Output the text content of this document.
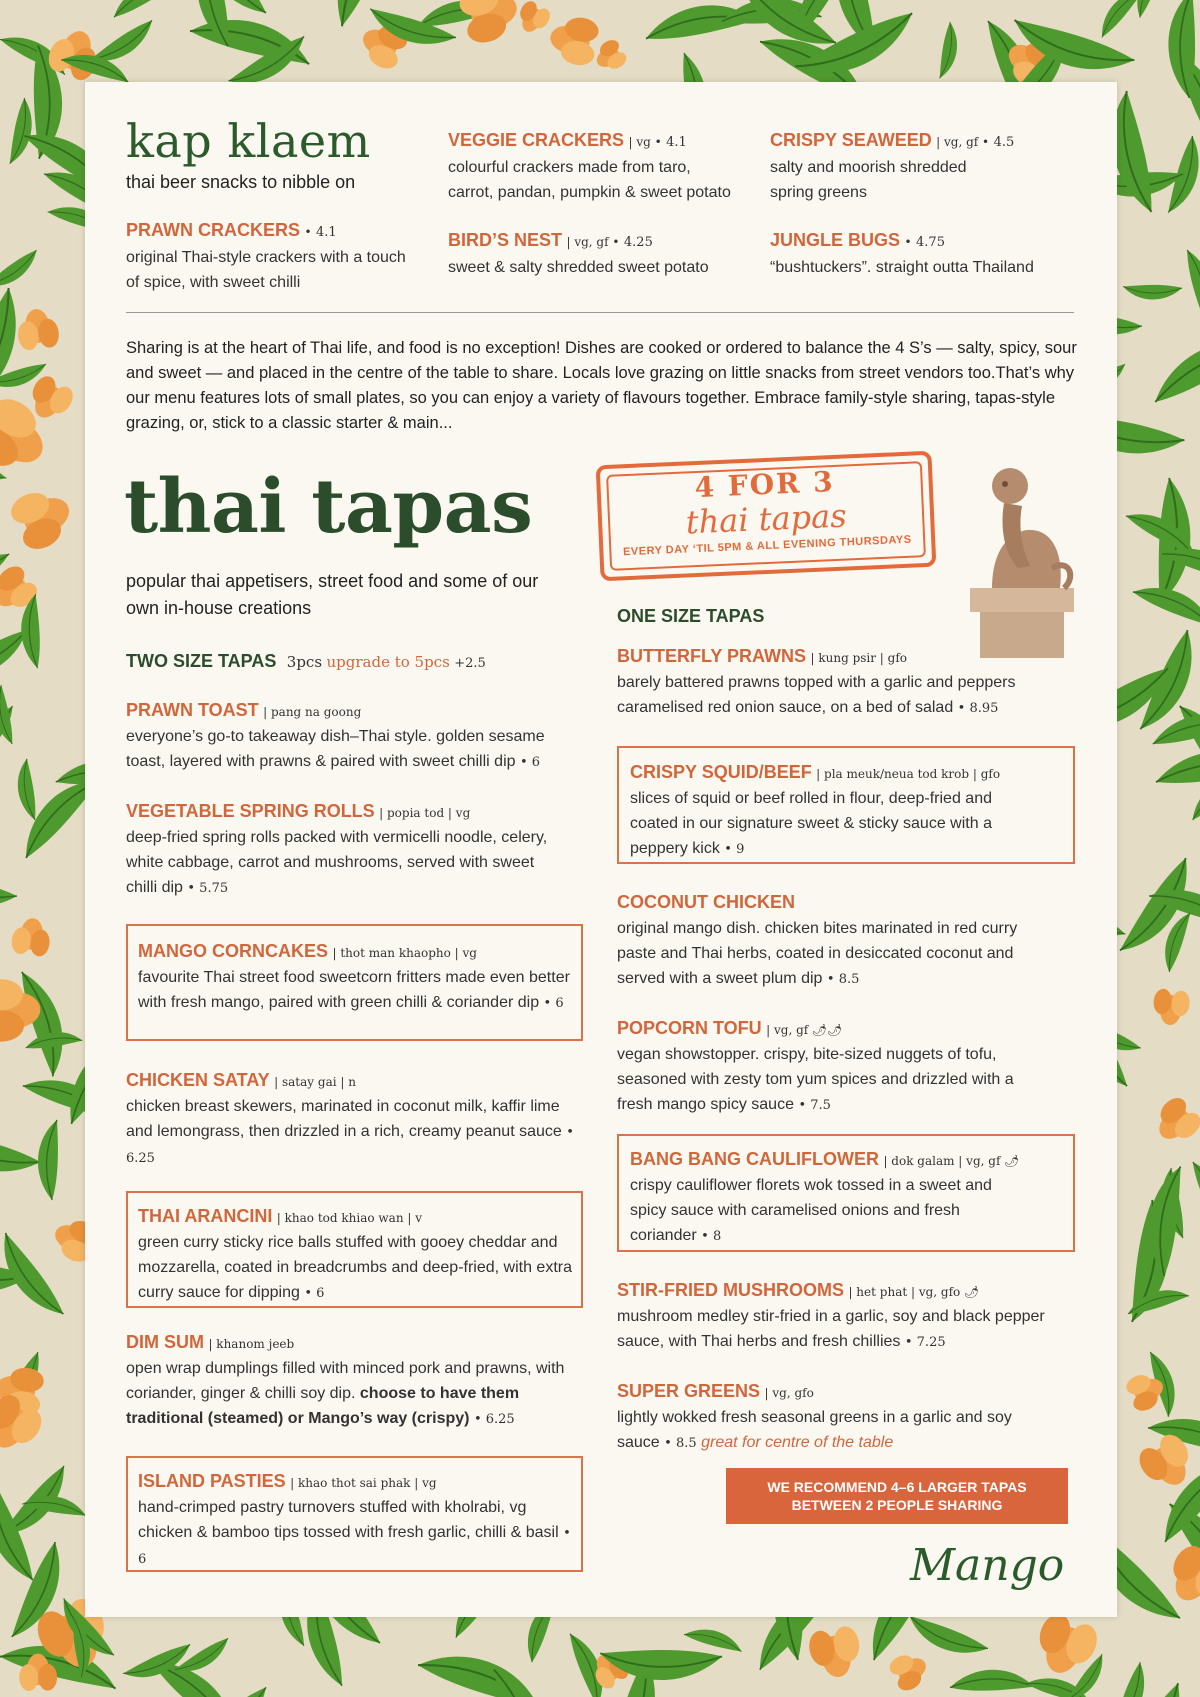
kap klaem
thai beer snacks to nibble on
VEGGIE CRACKERS | vg • 4.1
colourful crackers made from taro,
carrot, pandan, pumpkin & sweet potato
CRISPY SEAWEED | vg, gf • 4.5
salty and moorish shredded
spring greens
PRAWN CRACKERS • 4.1
original Thai-style crackers with a touch
of spice, with sweet chilli
BIRD’S NEST | vg, gf • 4.25
sweet & salty shredded sweet potato
JUNGLE BUGS • 4.75
“bushtuckers”. straight outta Thailand
Sharing is at the heart of Thai life, and food is no exception! Dishes are cooked or ordered to balance the 4 S’s — salty, spicy, sour and sweet — and placed in the centre of the table to share. Locals love grazing on little snacks from street vendors too.That’s why our menu features lots of small plates, so you can enjoy a variety of flavours together. Embrace family-style sharing, tapas-style grazing, or, stick to a classic starter & main...
thai tapas
popular thai appetisers, street food and some of our own in-house creations
4 FOR 3
thai tapas
EVERY DAY ‘TIL 5PM & ALL EVENING THURSDAYS
TWO SIZE TAPAS 3pcs upgrade to 5pcs +2.5
ONE SIZE TAPAS
PRAWN TOAST | pang na goong
everyone’s go-to takeaway dish–Thai style. golden sesame toast, layered with prawns & paired with sweet chilli dip • 6
VEGETABLE SPRING ROLLS | popia tod | vg
deep-fried spring rolls packed with vermicelli noodle, celery, white cabbage, carrot and mushrooms, served with sweet chilli dip • 5.75
MANGO CORNCAKES | thot man khaopho | vg
favourite Thai street food sweetcorn fritters made even better with fresh mango, paired with green chilli & coriander dip • 6
CHICKEN SATAY | satay gai | n
chicken breast skewers, marinated in coconut milk, kaffir lime and lemongrass, then drizzled in a rich, creamy peanut sauce • 6.25
THAI ARANCINI | khao tod khiao wan | v
green curry sticky rice balls stuffed with gooey cheddar and mozzarella, coated in breadcrumbs and deep-fried, with extra curry sauce for dipping • 6
DIM SUM | khanom jeeb
open wrap dumplings filled with minced pork and prawns, with coriander, ginger & chilli soy dip. choose to have them traditional (steamed) or Mango’s way (crispy) • 6.25
ISLAND PASTIES | khao thot sai phak | vg
hand-crimped pastry turnovers stuffed with kholrabi, vg chicken & bamboo tips tossed with fresh garlic, chilli & basil • 6
BUTTERFLY PRAWNS | kung psir | gfo
barely battered prawns topped with a garlic and peppers caramelised red onion sauce, on a bed of salad • 8.95
CRISPY SQUID/BEEF | pla meuk/neua tod krob | gfo
slices of squid or beef rolled in flour, deep-fried and coated in our signature sweet & sticky sauce with a peppery kick • 9
COCONUT CHICKEN
original mango dish. chicken bites marinated in red curry paste and Thai herbs, coated in desiccated coconut and served with a sweet plum dip • 8.5
POPCORN TOFU | vg, gf 🌶🌶
vegan showstopper. crispy, bite-sized nuggets of tofu, seasoned with zesty tom yum spices and drizzled with a fresh mango spicy sauce • 7.5
BANG BANG CAULIFLOWER | dok galam | vg, gf 🌶
crispy cauliflower florets wok tossed in a sweet and spicy sauce with caramelised onions and fresh coriander • 8
STIR-FRIED MUSHROOMS | het phat | vg, gfo 🌶
mushroom medley stir-fried in a garlic, soy and black pepper sauce, with Thai herbs and fresh chillies • 7.25
SUPER GREENS | vg, gfo
lightly wokked fresh seasonal greens in a garlic and soy sauce • 8.5 great for centre of the table
WE RECOMMEND 4–6 LARGER TAPAS
BETWEEN 2 PEOPLE SHARING
Mango
